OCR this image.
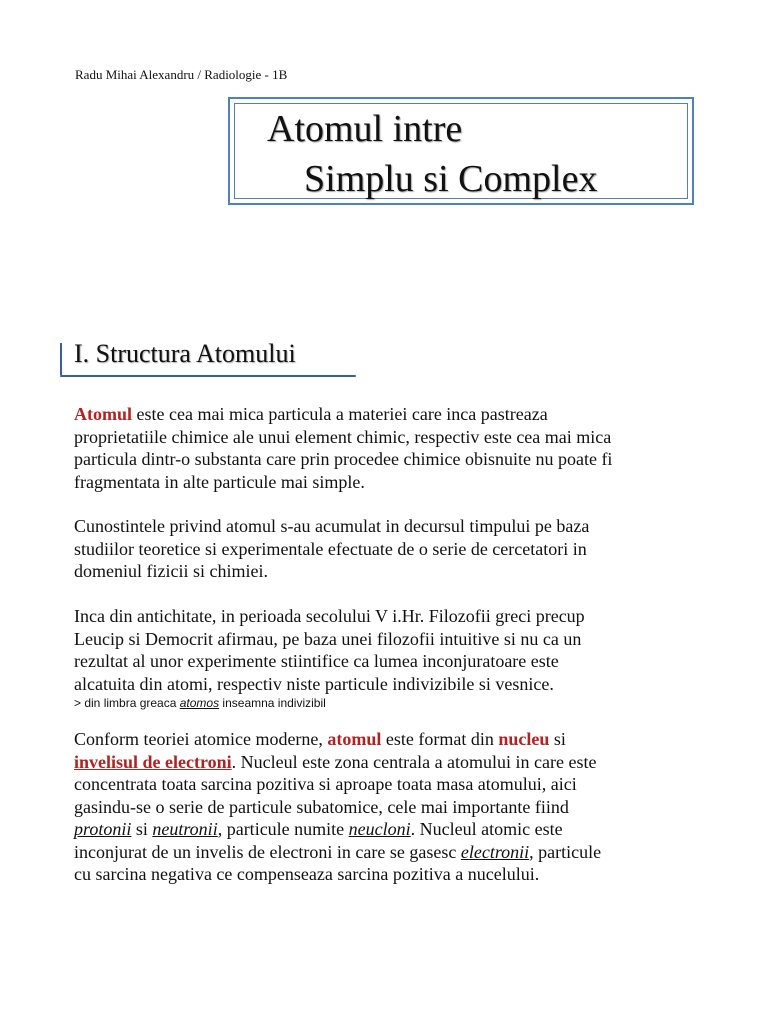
Radu Mihai Alexandru / Radiologie - 1B
Atomul intre
Simplu si Complex
I. Structura Atomului
Atomul este cea mai mica particula a materiei care inca pastreaza
proprietatiile chimice ale unui element chimic, respectiv este cea mai mica
particula dintr-o substanta care prin procedee chimice obisnuite nu poate fi
fragmentata in alte particule mai simple.
Cunostintele privind atomul s-au acumulat in decursul timpului pe baza
studiilor teoretice si experimentale efectuate de o serie de cercetatori in
domeniul fizicii si chimiei.
Inca din antichitate, in perioada secolului V i.Hr. Filozofii greci precup
Leucip si Democrit afirmau, pe baza unei filozofii intuitive si nu ca un
rezultat al unor experimente stiintifice ca lumea inconjuratoare este
alcatuita din atomi, respectiv niste particule indivizibile si vesnice.
> din limbra greaca atomos inseamna indivizibil
Conform teoriei atomice moderne, atomul este format din nucleu si
invelisul de electroni. Nucleul este zona centrala a atomului in care este
concentrata toata sarcina pozitiva si aproape toata masa atomului, aici
gasindu-se o serie de particule subatomice, cele mai importante fiind
protonii si neutronii, particule numite neucloni. Nucleul atomic este
inconjurat de un invelis de electroni in care se gasesc electronii, particule
cu sarcina negativa ce compenseaza sarcina pozitiva a nucelului.
